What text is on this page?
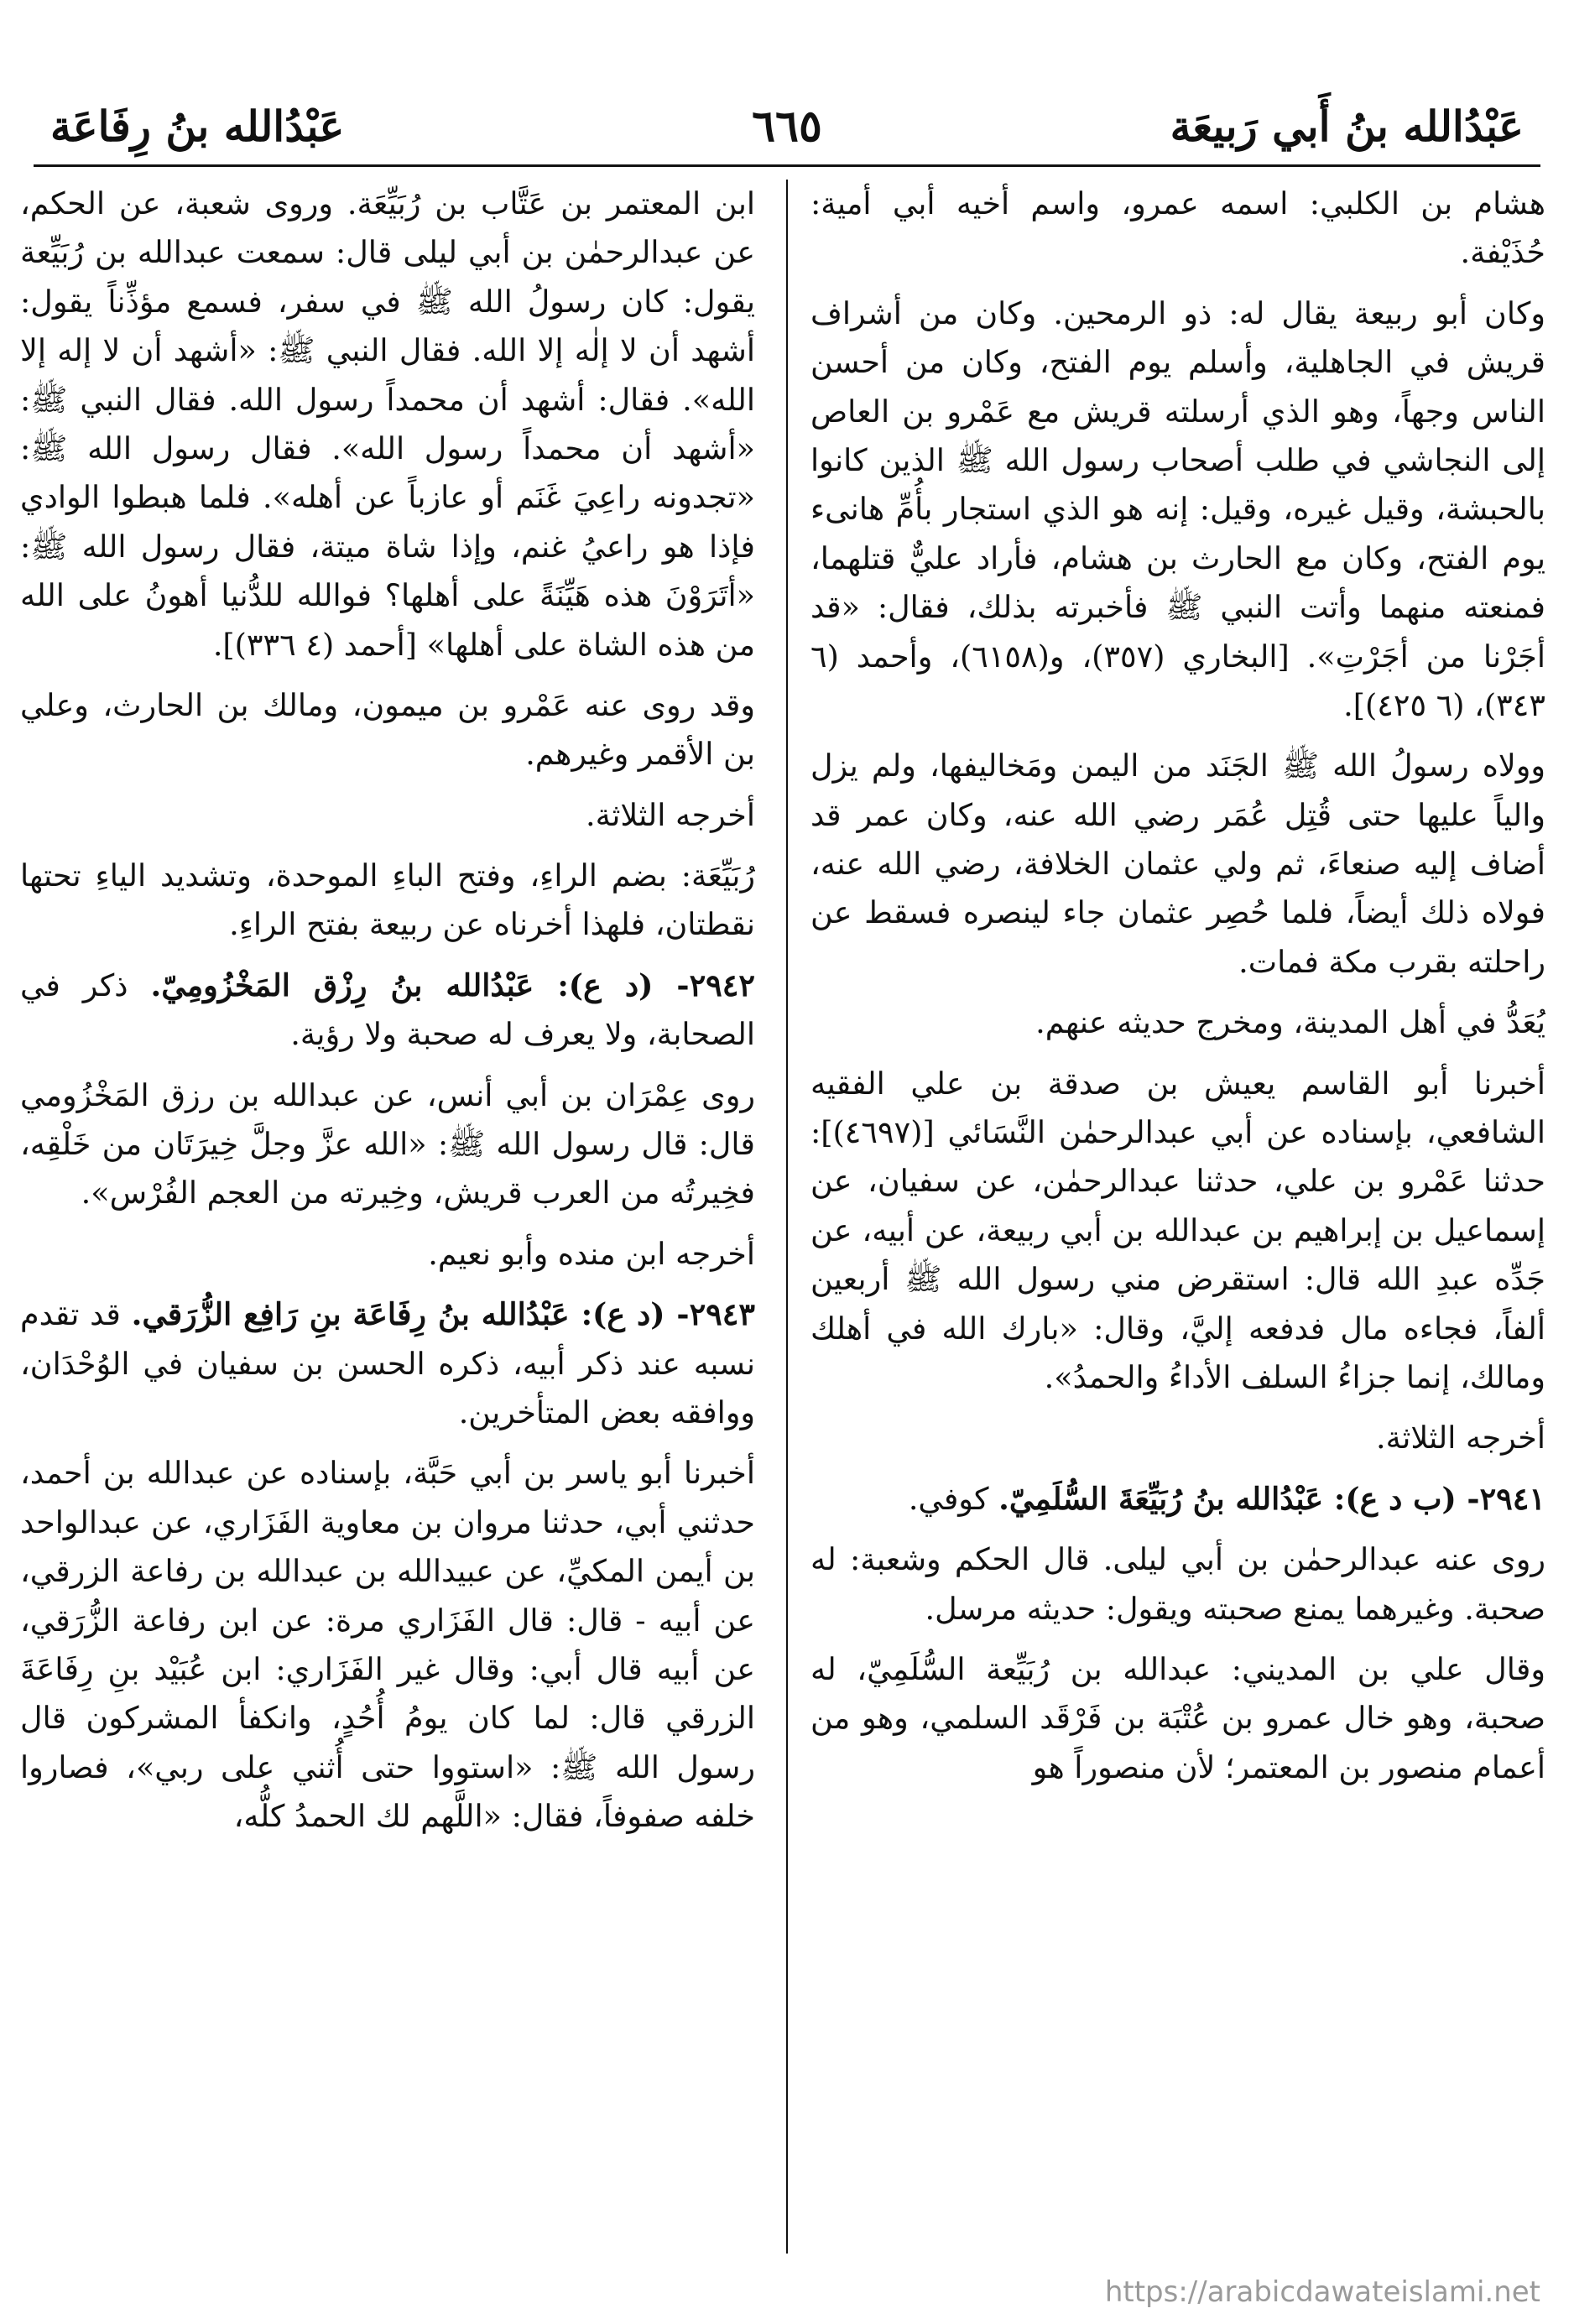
عَبْدُالله بنُ أَبي رَبيعَة
٦٦٥
عَبْدُالله بنُ رِفَاعَة

هشام بن الكلبي: اسمه عمرو، واسم أخيه أبي أمية: حُذَيْفة.

وكان أبو ربيعة يقال له: ذو الرمحين. وكان من أشراف قريش في الجاهلية، وأسلم يوم الفتح، وكان من أحسن الناس وجهاً، وهو الذي أرسلته قريش مع عَمْرو بن العاص إلى النجاشي في طلب أصحاب رسول الله ﷺ الذين كانوا بالحبشة، وقيل غيره، وقيل: إنه هو الذي استجار بأُمِّ هانىء يوم الفتح، وكان مع الحارث بن هشام، فأراد عليٌّ قتلهما، فمنعته منهما وأتت النبي ﷺ فأخبرته بذلك، فقال: «قد أجَرْنا من أجَرْتِ». [البخاري (٣٥٧)، و(٦١٥٨)، وأحمد (٦ ٣٤٣)، (٦ ٤٢٥)].

وولاه رسولُ الله ﷺ الجَنَد من اليمن ومَخاليفها، ولم يزل والياً عليها حتى قُتِل عُمَر رضي الله عنه، وكان عمر قد أضاف إليه صنعاءَ، ثم ولي عثمان الخلافة، رضي الله عنه، فولاه ذلك أيضاً، فلما حُصِر عثمان جاء لينصره فسقط عن راحلته بقرب مكة فمات.

يُعَدُّ في أهل المدينة، ومخرج حديثه عنهم.

أخبرنا أبو القاسم يعيش بن صدقة بن علي الفقيه الشافعي، بإسناده عن أبي عبدالرحمٰن النَّسَائي [(٤٦٩٧)]: حدثنا عَمْرو بن علي، حدثنا عبدالرحمٰن، عن سفيان، عن إسماعيل بن إبراهيم بن عبدالله بن أبي ربيعة، عن أبيه، عن جَدِّه عبدِ الله قال: استقرض مني رسول الله ﷺ أربعين ألفاً، فجاءه مال فدفعه إليَّ، وقال: «بارك الله في أهلك ومالك، إنما جزاءُ السلف الأداءُ والحمدُ».

أخرجه الثلاثة.

٢٩٤١- (ب د ع): عَبْدُالله بنُ رُبَيِّعَةَ السُّلَمِيّ. كوفي.

روى عنه عبدالرحمٰن بن أبي ليلى. قال الحكم وشعبة: له صحبة. وغيرهما يمنع صحبته ويقول: حديثه مرسل.

وقال علي بن المديني: عبدالله بن رُبَيِّعة السُّلَمِيّ، له صحبة، وهو خال عمرو بن عُتْبَة بن فَرْقَد السلمي، وهو من أعمام منصور بن المعتمر؛ لأن منصوراً هو

ابن المعتمر بن عَتَّاب بن رُبَيِّعَة. وروى شعبة، عن الحكم، عن عبدالرحمٰن بن أبي ليلى قال: سمعت عبدالله بن رُبَيِّعة يقول: كان رسولُ الله ﷺ في سفر، فسمع مؤذِّناً يقول: أشهد أن لا إلٰه إلا الله. فقال النبي ﷺ: «أشهد أن لا إله إلا الله». فقال: أشهد أن محمداً رسول الله. فقال النبي ﷺ: «أشهد أن محمداً رسول الله». فقال رسول الله ﷺ: «تجدونه راعِيَ غَنَم أو عازباً عن أهله». فلما هبطوا الوادي فإذا هو راعيُ غنم، وإذا شاة ميتة، فقال رسول الله ﷺ: «أتَرَوْنَ هذه هَيِّنَةً على أهلها؟ فوالله للدُّنيا أهونُ على الله من هذه الشاة على أهلها» [أحمد (٤ ٣٣٦)].

وقد روى عنه عَمْرو بن ميمون، ومالك بن الحارث، وعلي بن الأقمر وغيرهم.

أخرجه الثلاثة.

رُبَيِّعَة: بضم الراءِ، وفتح الباءِ الموحدة، وتشديد الياءِ تحتها نقطتان، فلهذا أخرناه عن ربيعة بفتح الراءِ.

٢٩٤٢- (د ع): عَبْدُالله بنُ رِزْق المَخْزُومِيّ. ذكر في الصحابة، ولا يعرف له صحبة ولا رؤية.

روى عِمْرَان بن أبي أنس، عن عبدالله بن رزق المَخْزُومي قال: قال رسول الله ﷺ: «الله عزَّ وجلَّ خِيرَتَان من خَلْقِه، فخِيرتُه من العرب قريش، وخِيرته من العجم الفُرْس».

أخرجه ابن منده وأبو نعيم.

٢٩٤٣- (د ع): عَبْدُالله بنُ رِفَاعَة بنِ رَافِع الزُّرَقي. قد تقدم نسبه عند ذكر أبيه، ذكره الحسن بن سفيان في الوُحْدَان، ووافقه بعض المتأخرين.

أخبرنا أبو ياسر بن أبي حَبَّة، بإسناده عن عبدالله بن أحمد، حدثني أبي، حدثنا مروان بن معاوية الفَزَاري، عن عبدالواحد بن أيمن المكيِّ، عن عبيدالله بن عبدالله بن رفاعة الزرقي، عن أبيه - قال: قال الفَزَاري مرة: عن ابن رفاعة الزُّرَقي، عن أبيه قال أبي: وقال غير الفَزَاري: ابن عُبَيْد بنِ رِفَاعَةَ الزرقي قال: لما كان يومُ أُحُدٍ، وانكفأ المشركون قال رسول الله ﷺ: «استووا حتى أُثني على ربي»، فصاروا خلفه صفوفاً، فقال: «اللَّهم لك الحمدُ كلُّه،

https://arabicdawateislami.net
